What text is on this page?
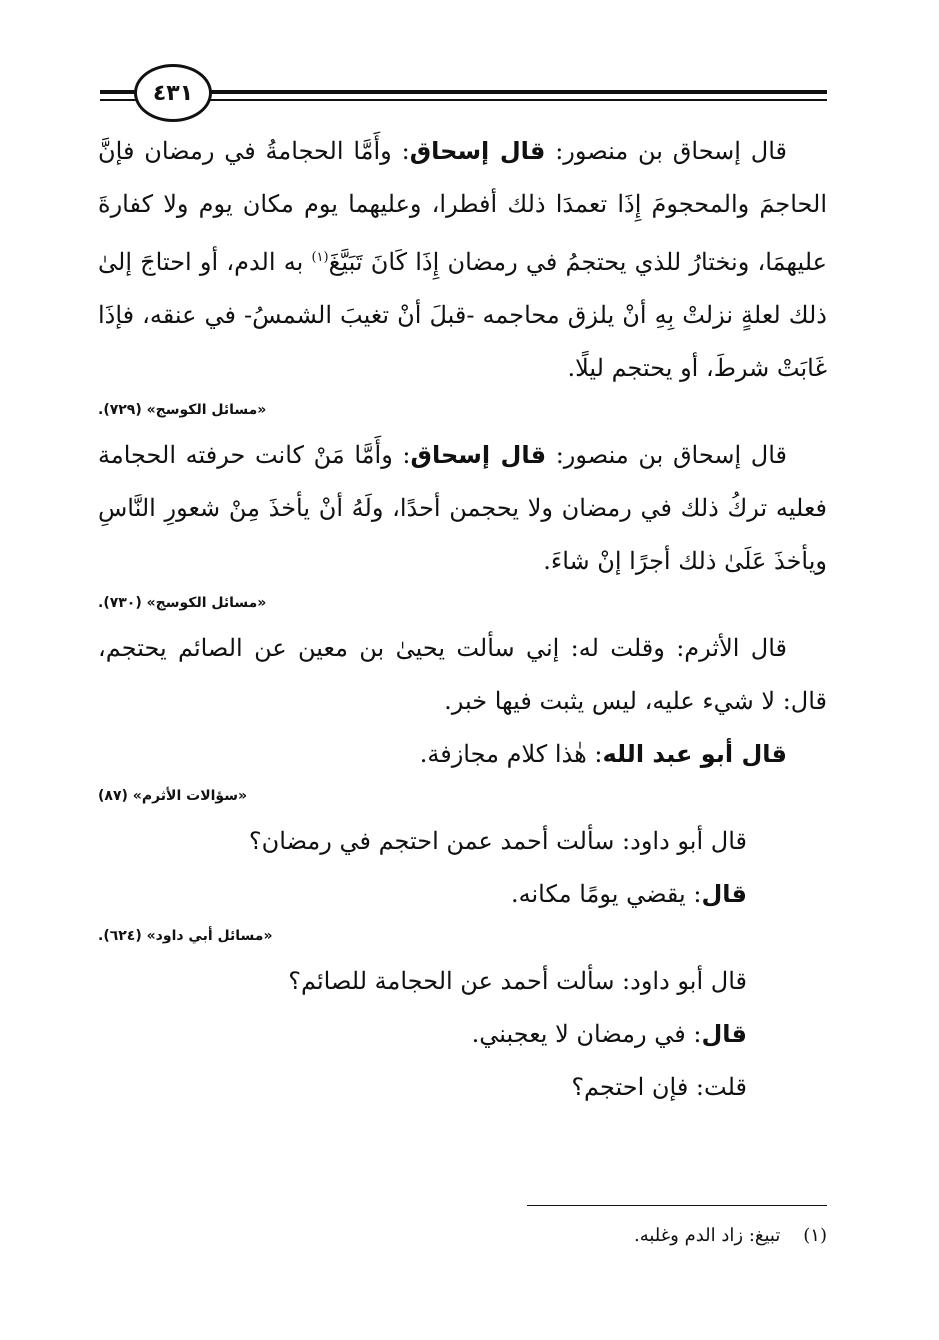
٤٣١

قال إسحاق بن منصور: قال إسحاق: وأَمَّا الحجامةُ في رمضان فإنَّ الحاجمَ والمحجومَ إِذَا تعمدَا ذلك أفطرا، وعليهما يوم مكان يوم ولا كفارةَ عليهمَا، ونختارُ للذي يحتجمُ في رمضان إِذَا كَانَ تَبَيَّغَ$^{(١)}$ به الدم، أو احتاجَ إلىٰ ذلك لعلةٍ نزلتْ بِهِ أنْ يلزق محاجمه -قبلَ أنْ تغيبَ الشمسُ- في عنقه، فإذَا غَابَتْ شرطَ، أو يحتجم ليلًا.

«مسائل الكوسج» (٧٢٩).

قال إسحاق بن منصور: قال إسحاق: وأَمَّا مَنْ كانت حرفته الحجامة فعليه تركُ ذلك في رمضان ولا يحجمن أحدًا، ولَهُ أنْ يأخذَ مِنْ شعورِ النَّاسِ ويأخذَ عَلَىٰ ذلك أجرًا إنْ شاءَ.

«مسائل الكوسج» (٧٣٠).

قال الأثرم: وقلت له: إني سألت يحيىٰ بن معين عن الصائم يحتجم، قال: لا شيء عليه، ليس يثبت فيها خبر.

قال أبو عبد الله: هٰذا كلام مجازفة.

«سؤالات الأثرم» (٨٧)

قال أبو داود: سألت أحمد عمن احتجم في رمضان؟

قال: يقضي يومًا مكانه.

«مسائل أبي داود» (٦٢٤).

قال أبو داود: سألت أحمد عن الحجامة للصائم؟

قال: في رمضان لا يعجبني.

قلت: فإن احتجم؟

(١)    تبيغ: زاد الدم وغلبه.
